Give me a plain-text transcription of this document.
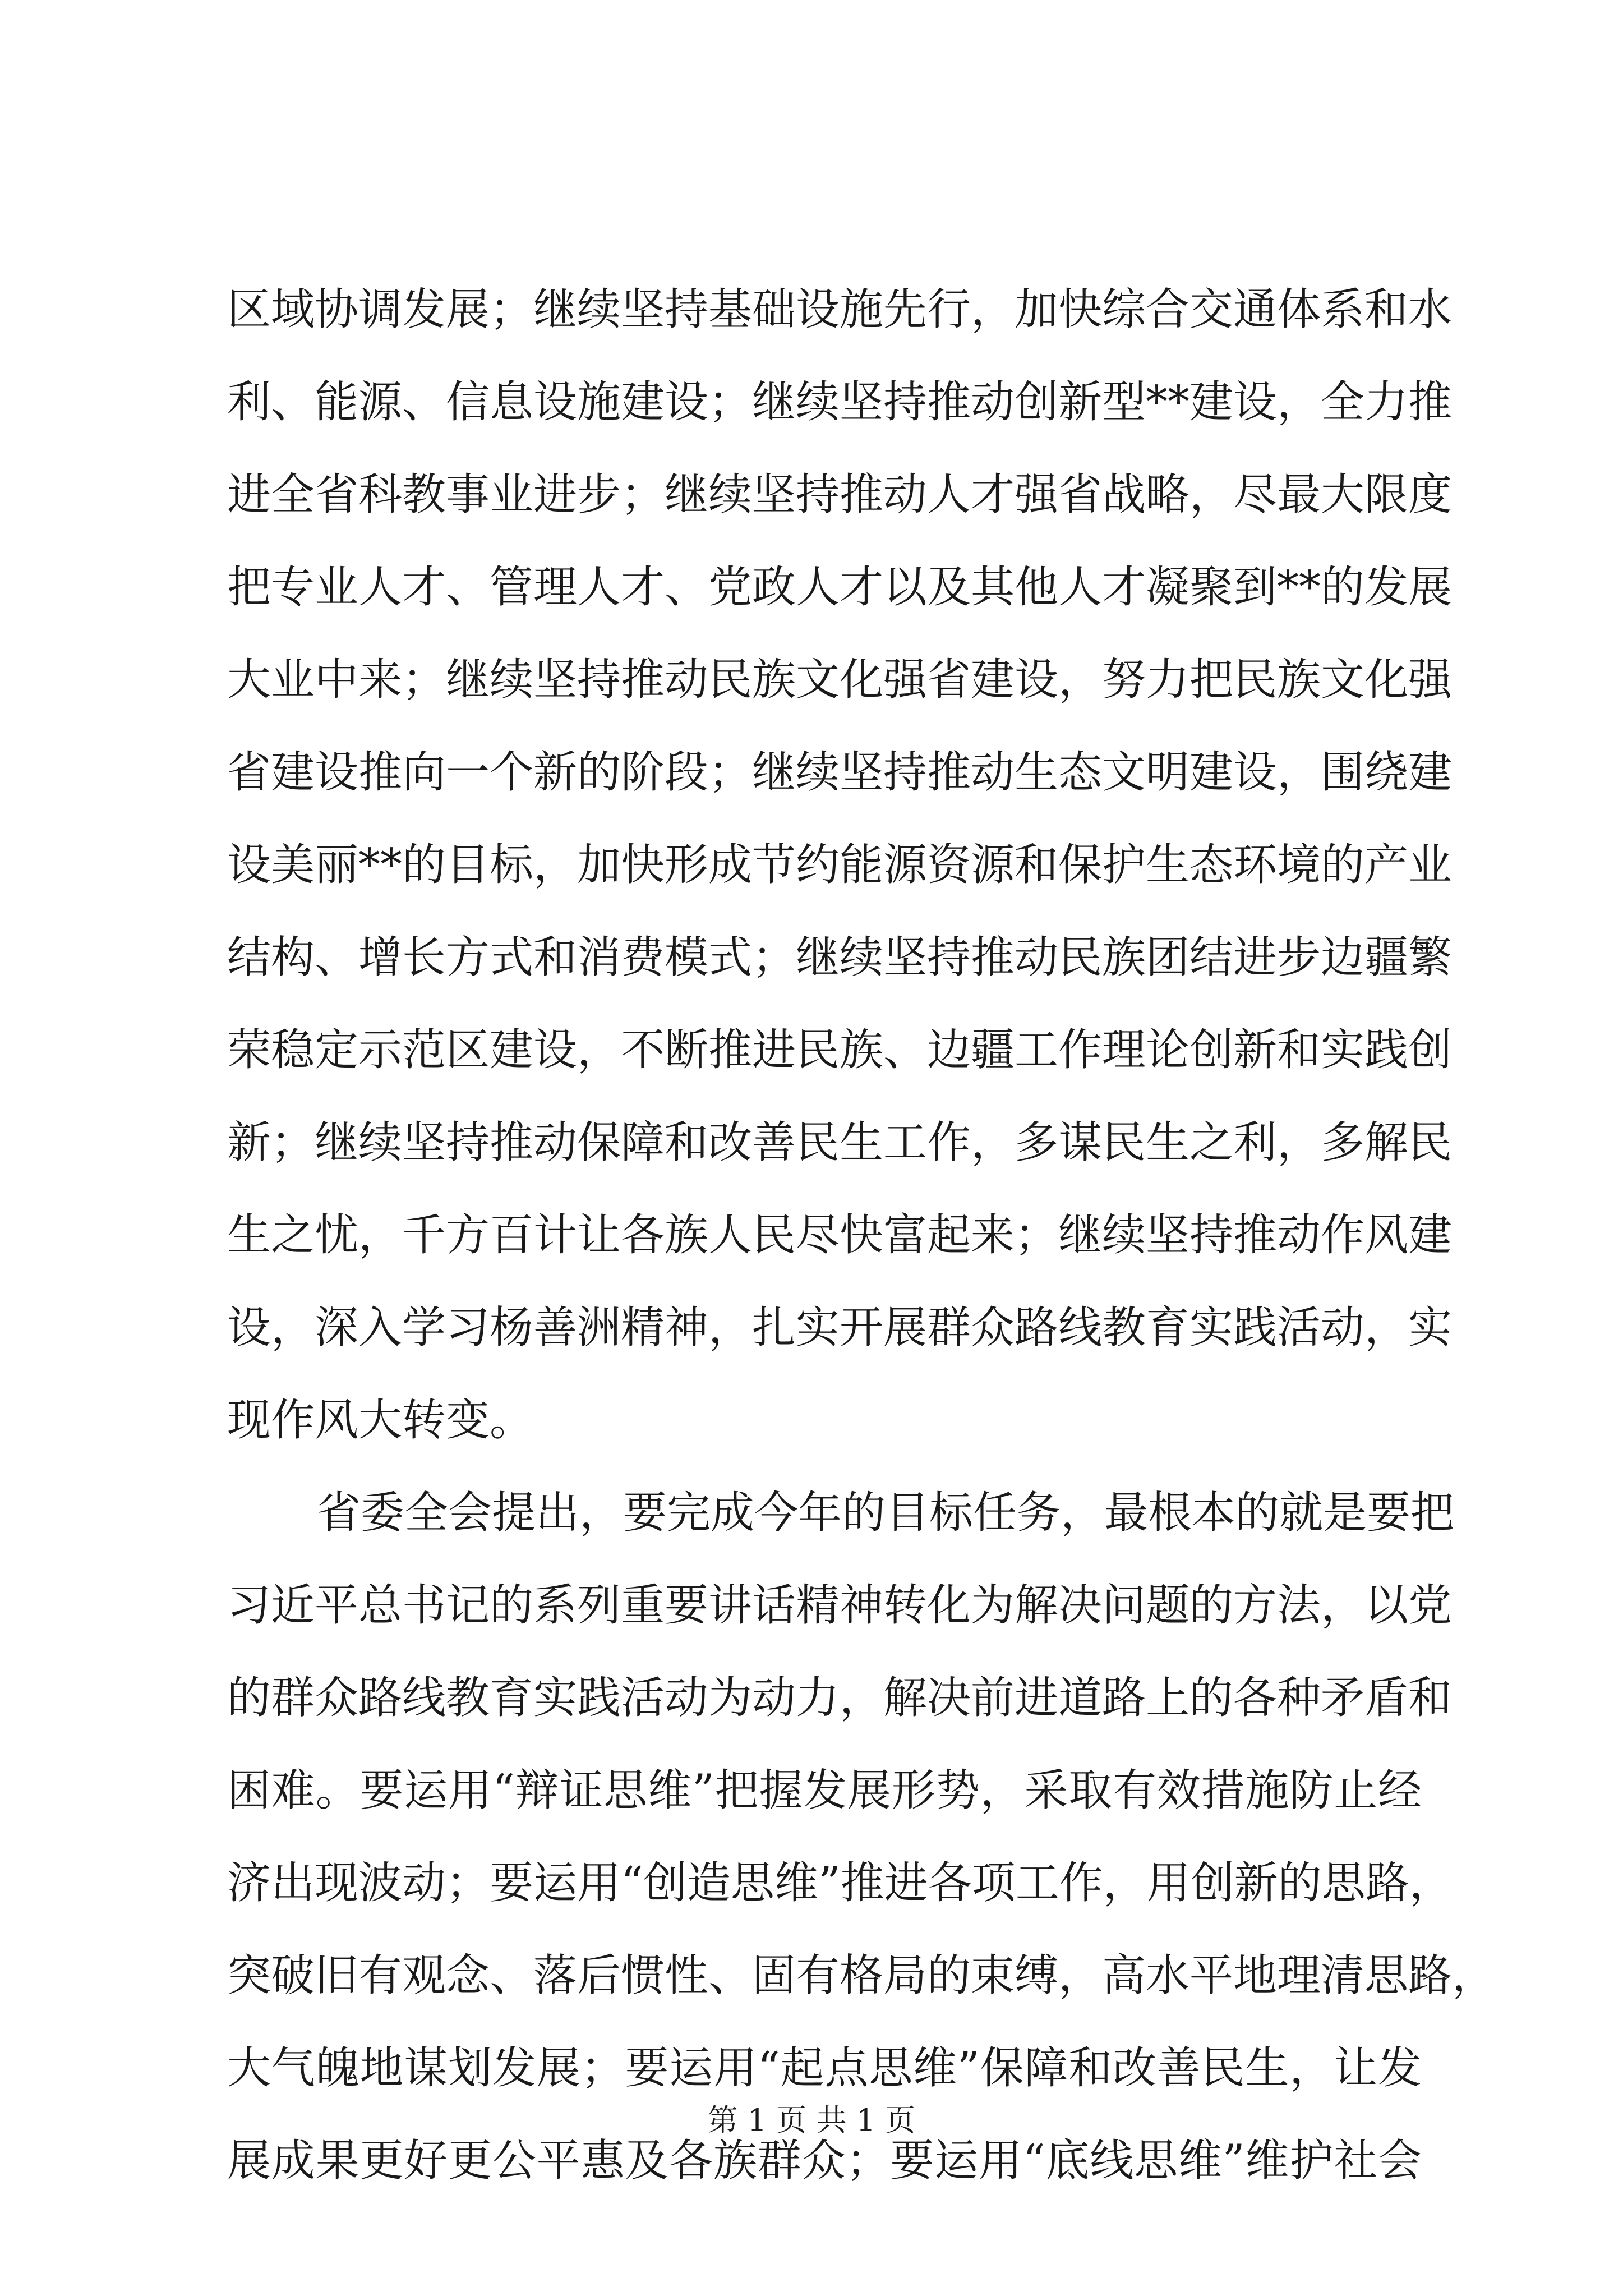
区域协调发展；继续坚持基础设施先行，加快综合交通体系和水
利、能源、信息设施建设；继续坚持推动创新型**建设，全力推
进全省科教事业进步；继续坚持推动人才强省战略，尽最大限度
把专业人才、管理人才、党政人才以及其他人才凝聚到**的发展
大业中来；继续坚持推动民族文化强省建设，努力把民族文化强
省建设推向一个新的阶段；继续坚持推动生态文明建设，围绕建
设美丽**的目标，加快形成节约能源资源和保护生态环境的产业
结构、增长方式和消费模式；继续坚持推动民族团结进步边疆繁
荣稳定示范区建设，不断推进民族、边疆工作理论创新和实践创
新；继续坚持推动保障和改善民生工作，多谋民生之利，多解民
生之忧，千方百计让各族人民尽快富起来；继续坚持推动作风建
设，深入学习杨善洲精神，扎实开展群众路线教育实践活动，实
现作风大转变。
省委全会提出，要完成今年的目标任务，最根本的就是要把
习近平总书记的系列重要讲话精神转化为解决问题的方法，以党
的群众路线教育实践活动为动力，解决前进道路上的各种矛盾和
困难。要运用“辩证思维”把握发展形势，采取有效措施防止经
济出现波动；要运用“创造思维”推进各项工作，用创新的思路，
突破旧有观念、落后惯性、固有格局的束缚，高水平地理清思路，
大气魄地谋划发展；要运用“起点思维”保障和改善民生，让发
展成果更好更公平惠及各族群众；要运用“底线思维”维护社会
第 1 页 共 1 页
